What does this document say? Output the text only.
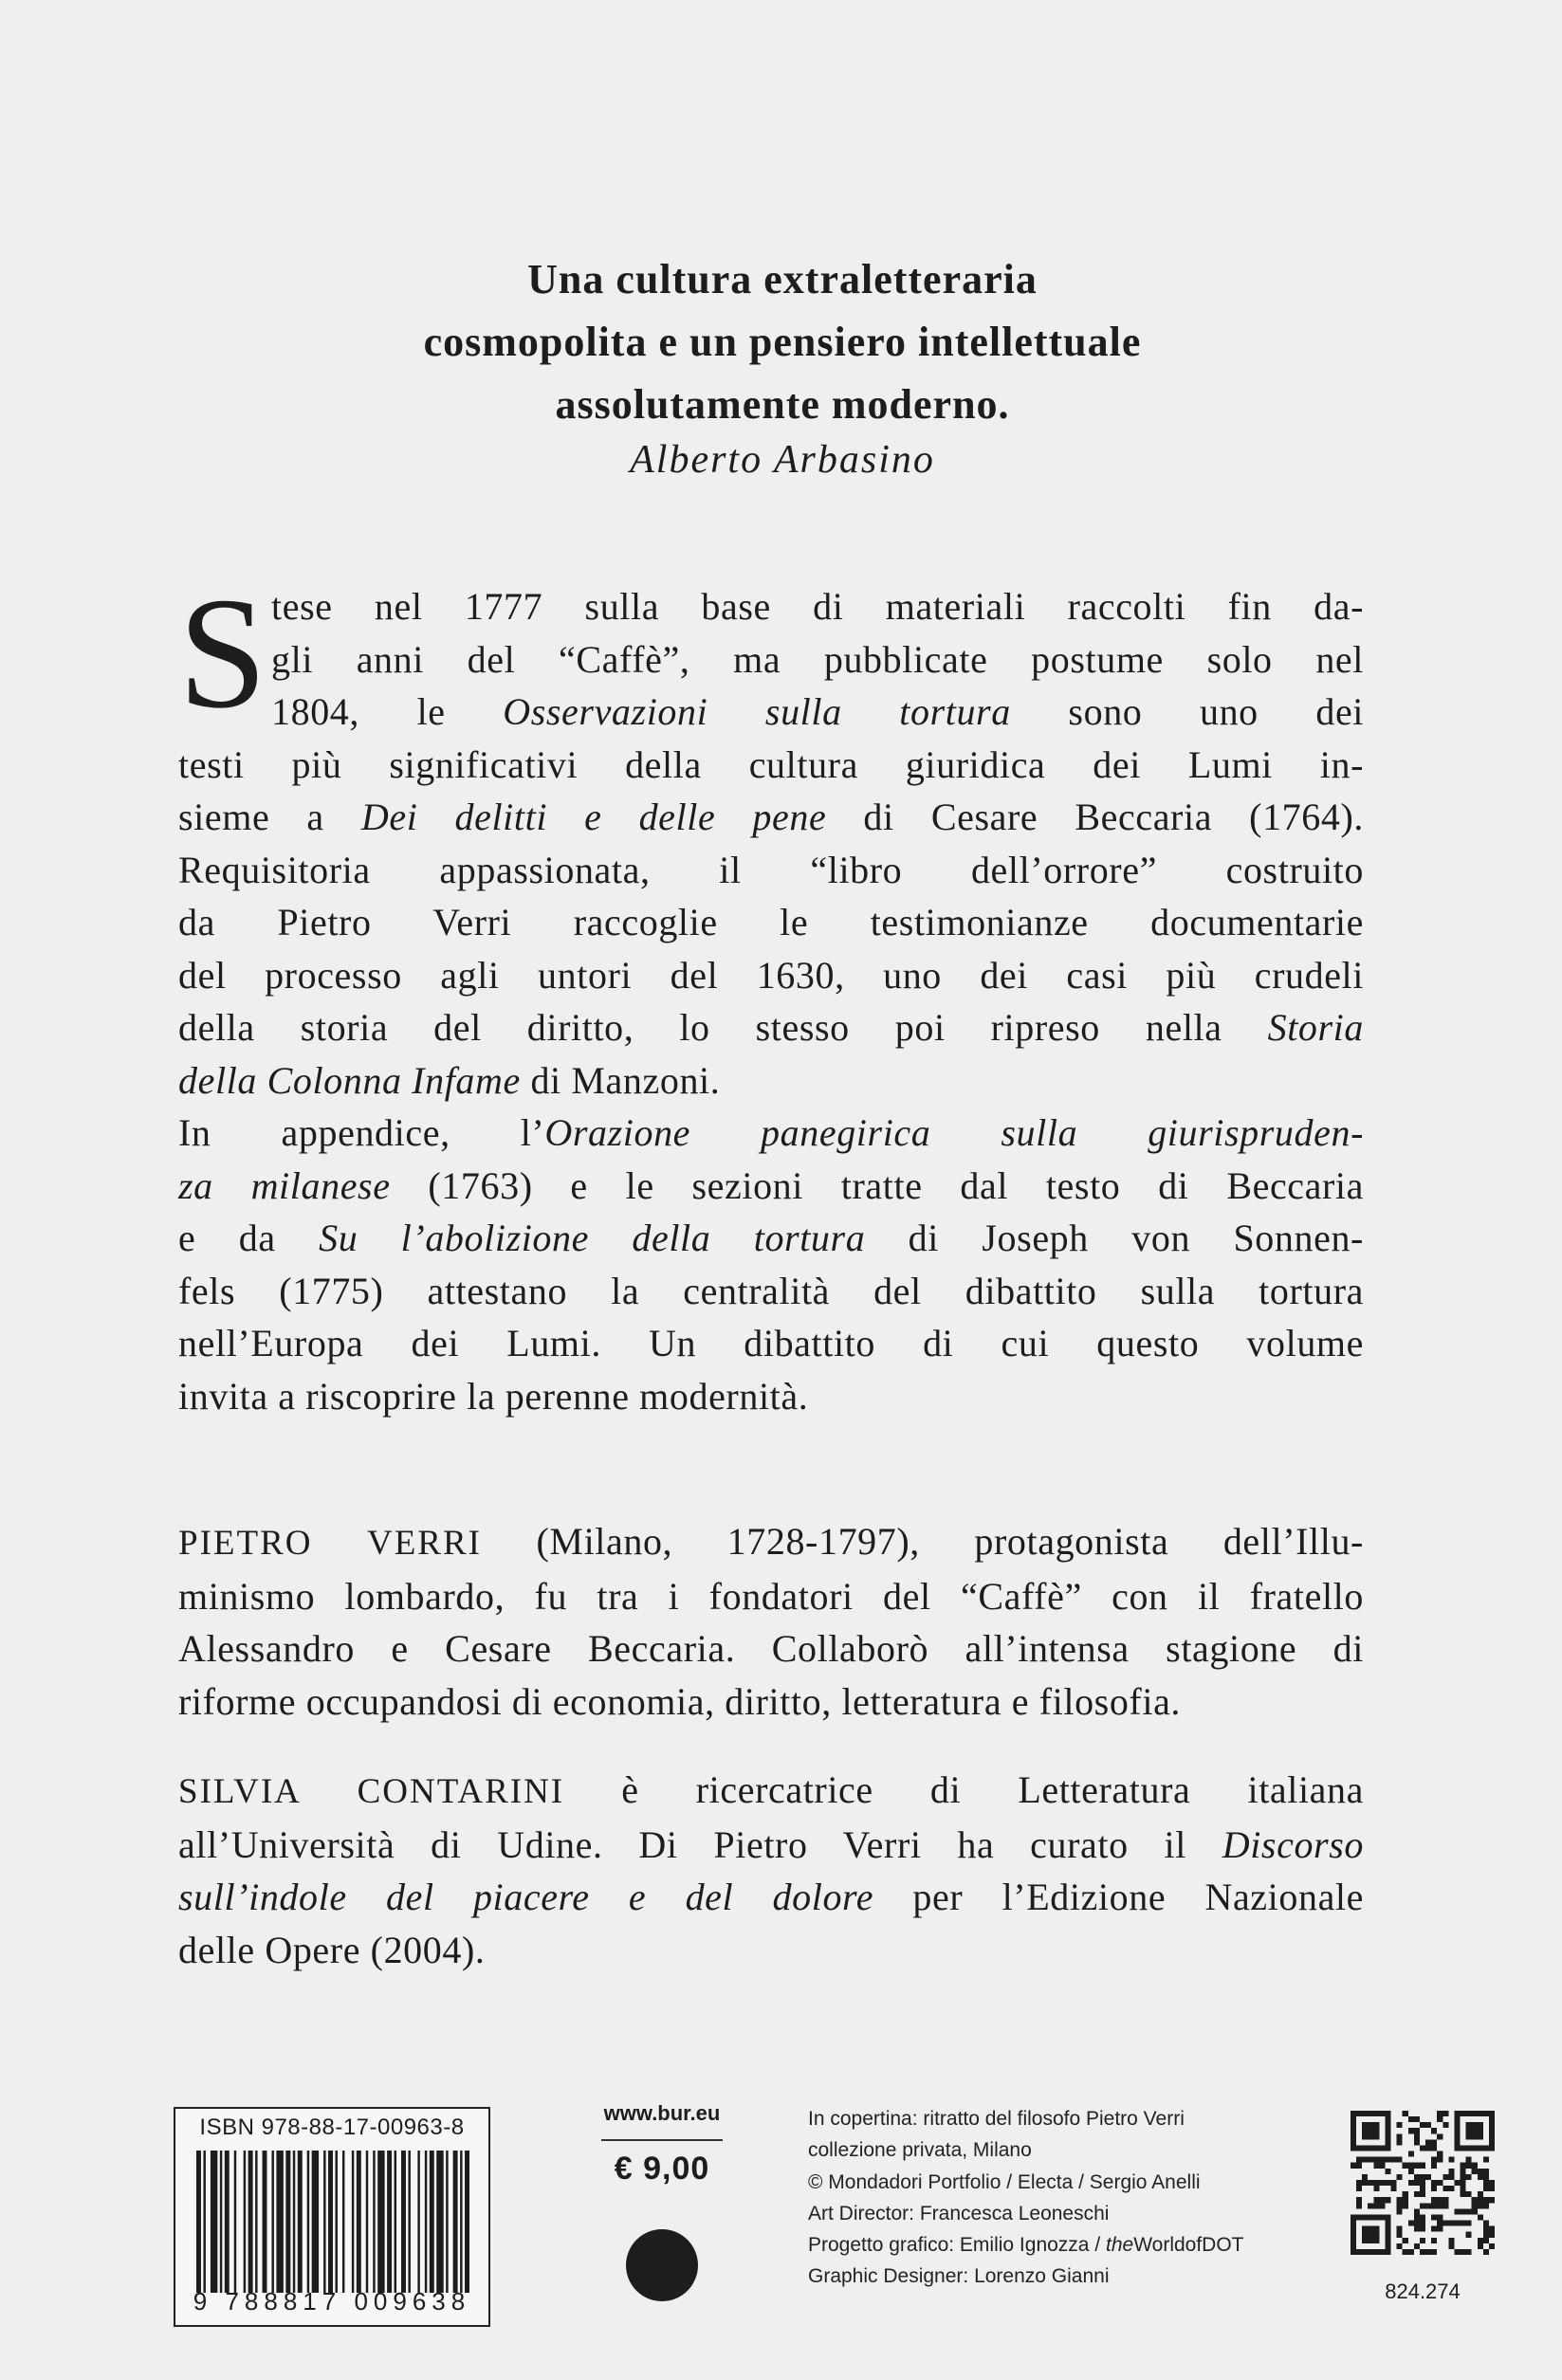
Una cultura extraletteraria
cosmopolita e un pensiero intellettuale
assolutamente moderno.
Alberto Arbasino
S tese nel 1777 sulla base di materiali raccolti fin da-
gli anni del “Caffè”, ma pubblicate postume solo nel
1804, le Osservazioni sulla tortura sono uno dei
testi più significativi della cultura giuridica dei Lumi in-
sieme a Dei delitti e delle pene di Cesare Beccaria (1764).
Requisitoria appassionata, il “libro dell’orrore” costruito
da Pietro Verri raccoglie le testimonianze documentarie
del processo agli untori del 1630, uno dei casi più crudeli
della storia del diritto, lo stesso poi ripreso nella Storia
della Colonna Infame di Manzoni.
In appendice, l’Orazione panegirica sulla giurispruden-
za milanese (1763) e le sezioni tratte dal testo di Beccaria
e da Su l’abolizione della tortura di Joseph von Sonnen-
fels (1775) attestano la centralità del dibattito sulla tortura
nell’Europa dei Lumi. Un dibattito di cui questo volume
invita a riscoprire la perenne modernità.
PIETRO VERRI (Milano, 1728-1797), protagonista dell’Illu-
minismo lombardo, fu tra i fondatori del “Caffè” con il fratello
Alessandro e Cesare Beccaria. Collaborò all’intensa stagione di
riforme occupandosi di economia, diritto, letteratura e filosofia.
SILVIA CONTARINI è ricercatrice di Letteratura italiana
all’Università di Udine. Di Pietro Verri ha curato il Discorso
sull’indole del piacere e del dolore per l’Edizione Nazionale
delle Opere (2004).
ISBN 978-88-17-00963-8
9 788817 009638
www.bur.eu
€ 9,00
In copertina: ritratto del filosofo Pietro Verri
collezione privata, Milano
© Mondadori Portfolio / Electa / Sergio Anelli
Art Director: Francesca Leoneschi
Progetto grafico: Emilio Ignozza / theWorldofDOT
Graphic Designer: Lorenzo Gianni
824.274
